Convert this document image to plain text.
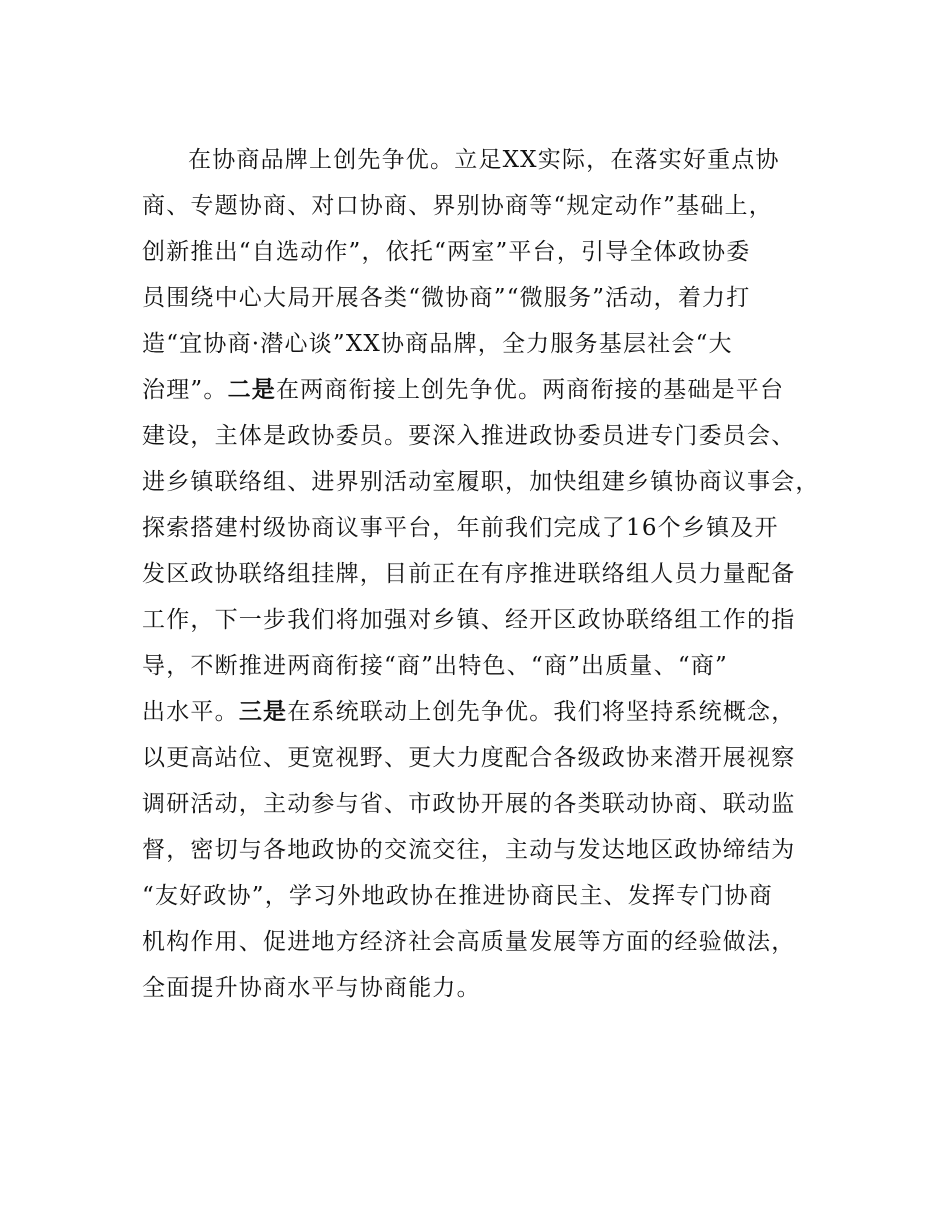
在协商品牌上创先争优。立足XX实际，在落实好重点协
商、专题协商、对口协商、界别协商等“规定动作”基础上，
创新推出“自选动作”，依托“两室”平台，引导全体政协委
员围绕中心大局开展各类“微协商”“微服务”活动，着力打
造“宜协商·潜心谈”XX协商品牌，全力服务基层社会“大
治理”。二是在两商衔接上创先争优。两商衔接的基础是平台
建设，主体是政协委员。要深入推进政协委员进专门委员会、
进乡镇联络组、进界别活动室履职，加快组建乡镇协商议事会，
探索搭建村级协商议事平台，年前我们完成了16个乡镇及开
发区政协联络组挂牌，目前正在有序推进联络组人员力量配备
工作，下一步我们将加强对乡镇、经开区政协联络组工作的指
导，不断推进两商衔接“商”出特色、“商”出质量、“商”
出水平。三是在系统联动上创先争优。我们将坚持系统概念，
以更高站位、更宽视野、更大力度配合各级政协来潜开展视察
调研活动，主动参与省、市政协开展的各类联动协商、联动监
督，密切与各地政协的交流交往，主动与发达地区政协缔结为
“友好政协”，学习外地政协在推进协商民主、发挥专门协商
机构作用、促进地方经济社会高质量发展等方面的经验做法，
全面提升协商水平与协商能力。
